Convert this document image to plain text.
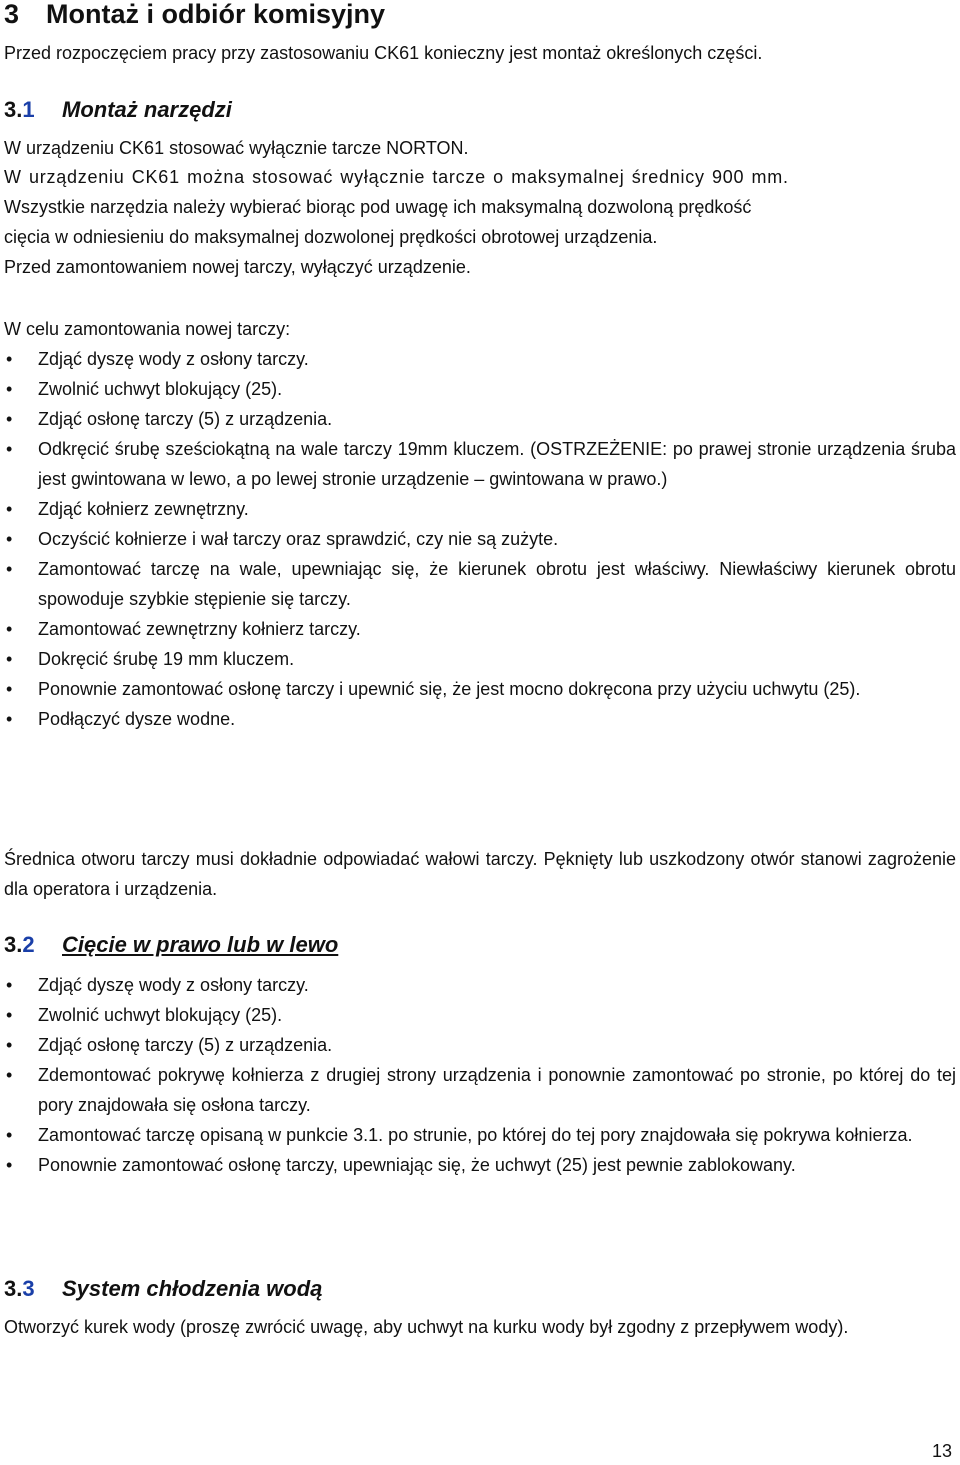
3 Montaż i odbiór komisyjny

Przed rozpoczęciem pracy przy zastosowaniu CK61 konieczny jest montaż określonych części.

3.1 Montaż narzędzi

W urządzeniu CK61 stosować wyłącznie tarcze NORTON.

W urządzeniu CK61 można stosować wyłącznie tarcze o maksymalnej średnicy 900 mm.

Wszystkie narzędzia należy wybierać biorąc pod uwagę ich maksymalną dozwoloną prędkość

cięcia w odniesieniu do maksymalnej dozwolonej prędkości obrotowej urządzenia.

Przed zamontowaniem nowej tarczy, wyłączyć urządzenie.

W celu zamontowania nowej tarczy:

• Zdjąć dyszę wody z osłony tarczy.
• Zwolnić uchwyt blokujący (25).
• Zdjąć osłonę tarczy (5) z urządzenia.
• Odkręcić śrubę sześciokątną na wale tarczy 19mm kluczem. (OSTRZEŻENIE: po prawej stronie urządzenia śruba jest gwintowana w lewo, a po lewej stronie urządzenie – gwintowana w prawo.)
• Zdjąć kołnierz zewnętrzny.
• Oczyścić kołnierze i wał tarczy oraz sprawdzić, czy nie są zużyte.
• Zamontować tarczę na wale, upewniając się, że kierunek obrotu jest właściwy. Niewłaściwy kierunek obrotu spowoduje szybkie stępienie się tarczy.
• Zamontować zewnętrzny kołnierz tarczy.
• Dokręcić śrubę 19 mm kluczem.
• Ponownie zamontować osłonę tarczy i upewnić się, że jest mocno dokręcona przy użyciu uchwytu (25).
• Podłączyć dysze wodne.

Średnica otworu tarczy musi dokładnie odpowiadać wałowi tarczy. Pęknięty lub uszkodzony otwór stanowi zagrożenie dla operatora i urządzenia.

3.2 Cięcie w prawo lub w lewo
• Zdjąć dyszę wody z osłony tarczy.
• Zwolnić uchwyt blokujący (25).
• Zdjąć osłonę tarczy (5) z urządzenia.
• Zdemontować pokrywę kołnierza z drugiej strony urządzenia i ponownie zamontować po stronie, po której do tej pory znajdowała się osłona tarczy.
• Zamontować tarczę opisaną w punkcie 3.1. po strunie, po której do tej pory znajdowała się pokrywa kołnierza.
• Ponownie zamontować osłonę tarczy, upewniając się, że uchwyt (25) jest pewnie zablokowany.
3.3 System chłodzenia wodą

Otworzyć kurek wody (proszę zwrócić uwagę, aby uchwyt na kurku wody był zgodny z przepływem wody).

13
